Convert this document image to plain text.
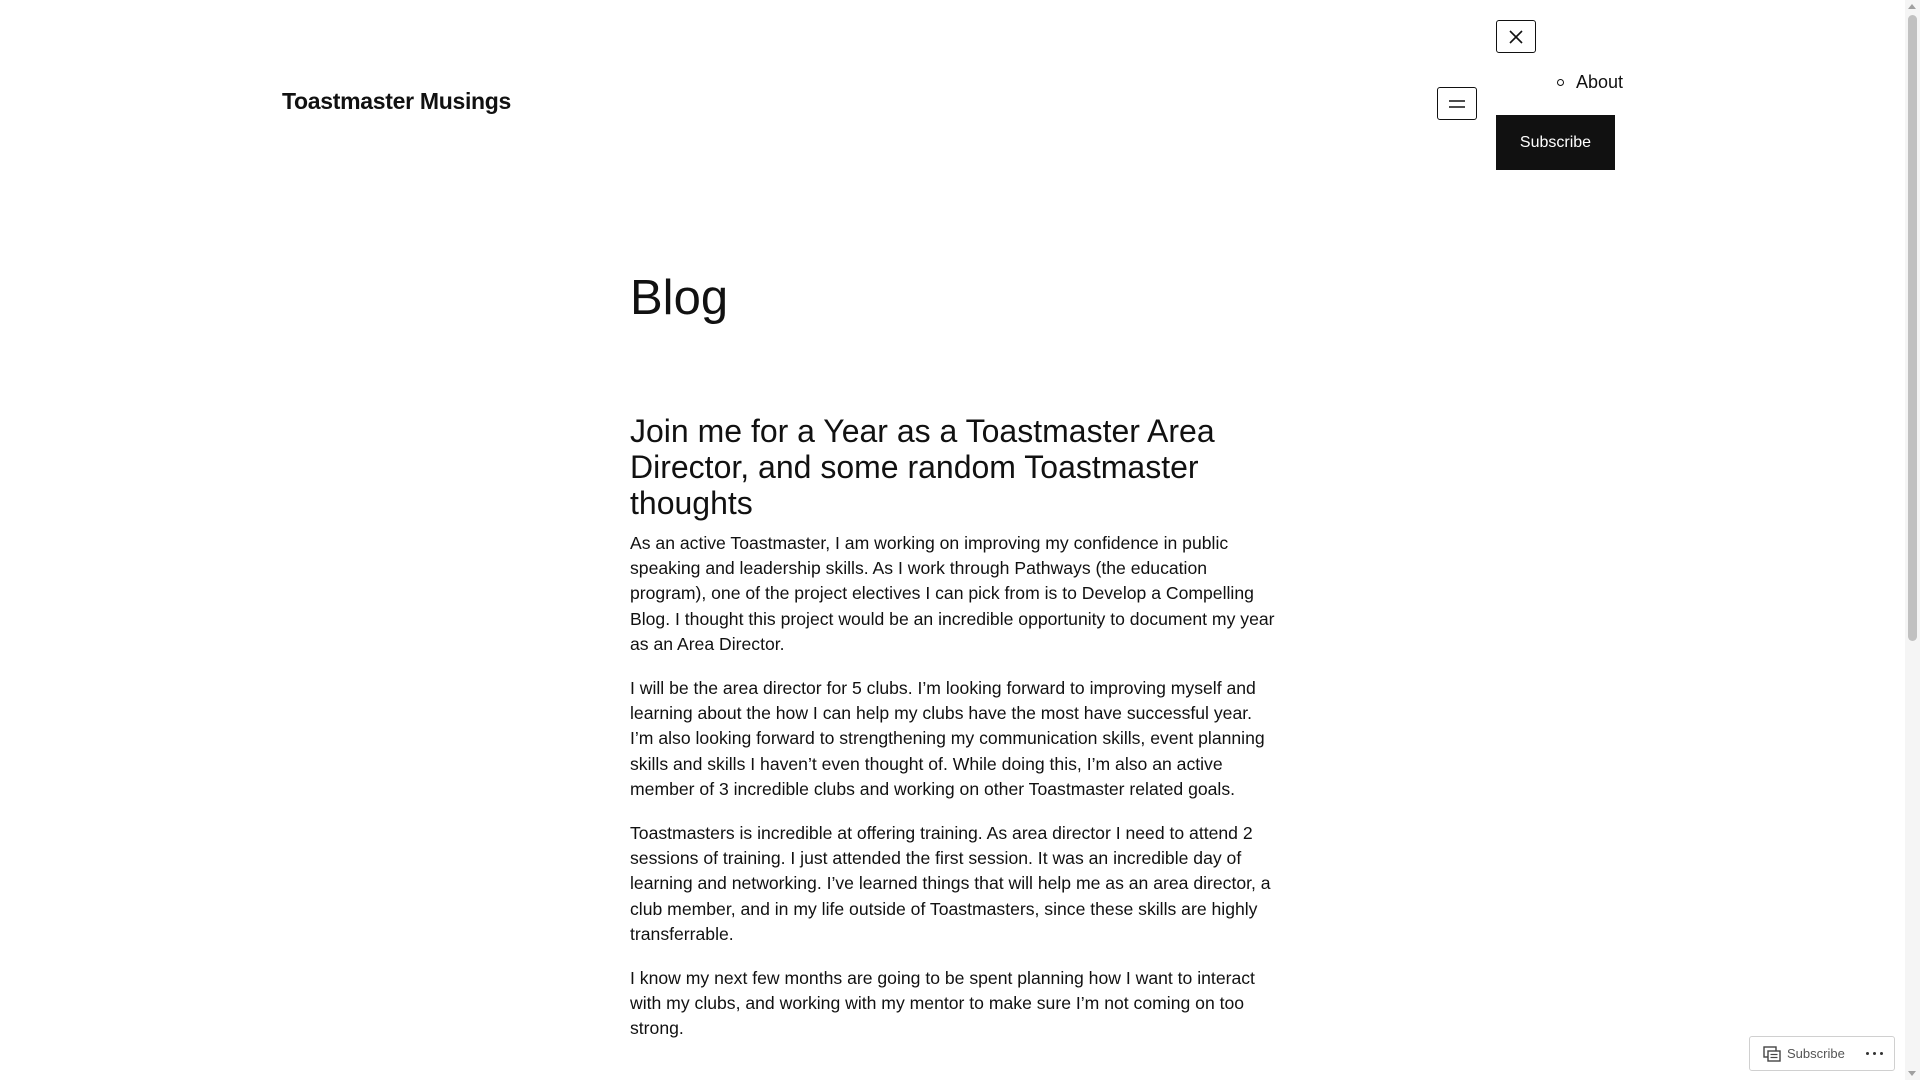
Toastmaster Musings
About
Subscribe
Blog
Join me for a Year as a Toastmaster Area Director, and some random Toastmaster thoughts

As an active Toastmaster, I am working on improving my confidence in public speaking and leadership skills. As I work through Pathways (the education program), one of the project electives I can pick from is to Develop a Compelling Blog. I thought this project would be an incredible opportunity to document my year as an Area Director.

I will be the area director for 5 clubs. I’m looking forward to improving myself and learning about the how I can help my clubs have the most have successful year. I’m also looking forward to strengthening my communication skills, event planning skills and skills I haven’t even thought of. While doing this, I’m also an active member of 3 incredible clubs and working on other Toastmaster related goals.

Toastmasters is incredible at offering training. As area director I need to attend 2 sessions of training. I just attended the first session. It was an incredible day of learning and networking. I’ve learned things that will help me as an area director, a club member, and in my life outside of Toastmasters, since these skills are highly transferrable.

I know my next few months are going to be spent planning how I want to interact with my clubs, and working with my mentor to make sure I’m not coming on too strong.

Subscribe
